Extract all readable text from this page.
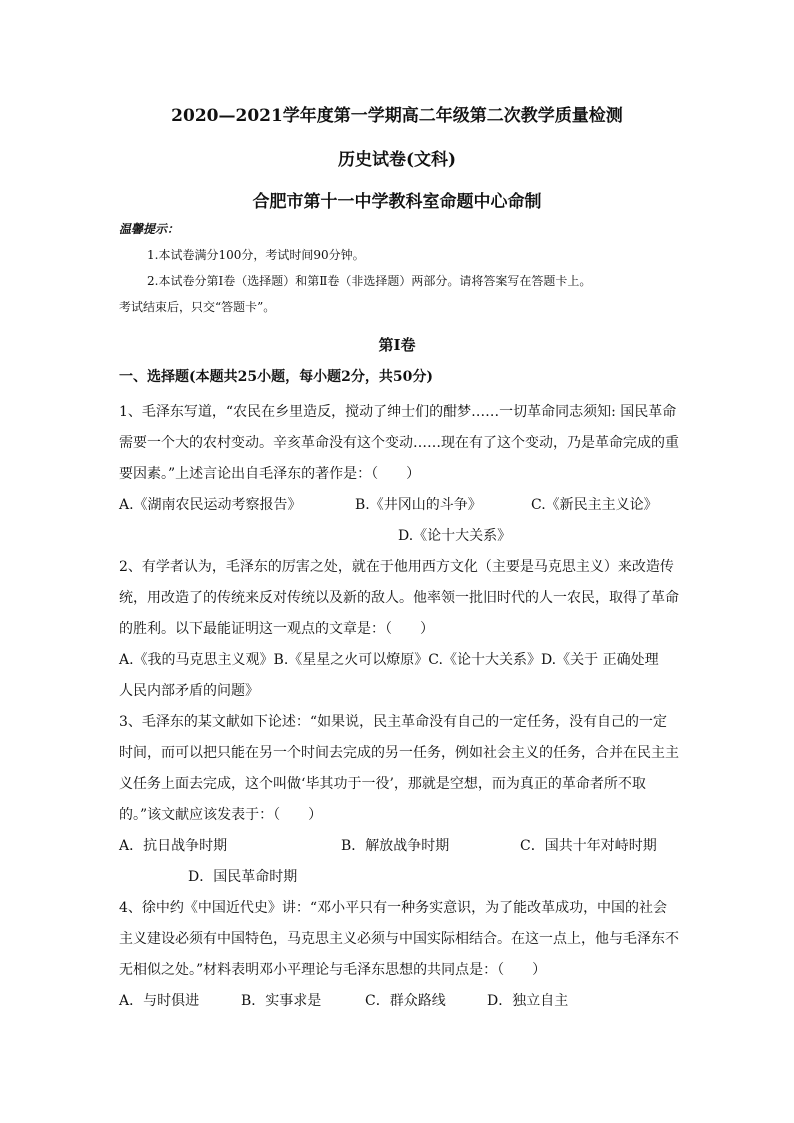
2020—2021学年度第一学期高二年级第二次教学质量检测

历史试卷(文科)

合肥市第十一中学教科室命题中心命制

温馨提示：

1.本试卷满分100分，考试时间90分钟。

2.本试卷分第Ⅰ卷（选择题）和第Ⅱ卷（非选择题）两部分。请将答案写在答题卡上。

考试结束后，只交“答题卡”。

第Ⅰ卷

一、选择题(本题共25小题，每小题2分，共50分)

1、毛泽东写道，“农民在乡里造反，搅动了绅士们的酣梦……一切革命同志须知: 国民革命

需要一个大的农村变动。辛亥革命没有这个变动……现在有了这个变动，乃是革命完成的重

要因素。”上述言论出自毛泽东的著作是：（　　）

A.《湖南农民运动考察报告》	B.《井冈山的斗争》	C.《新民主主义论》

D.《论十大关系》

2、有学者认为，毛泽东的厉害之处，就在于他用西方文化（主要是马克思主义）来改造传

统，用改造了的传统来反对传统以及新的敌人。他率领一批旧时代的人一农民，取得了革命

的胜利。以下最能证明这一观点的文章是：（　　）

A.《我的马克思主义观》B.《星星之火可以燎原》C.《论十大关系》D.《关于 正确处理

人民内部矛盾的问题》

3、毛泽东的某文献如下论述：“如果说，民主革命没有自己的一定任务，没有自己的一定

时间，而可以把只能在另一个时间去完成的另一任务，例如社会主义的任务，合并在民主主

义任务上面去完成，这个叫做‘毕其功于一役’，那就是空想，而为真正的革命者所不取

的。”该文献应该发表于：（　　）

A．抗日战争时期	B．解放战争时期	C．国共十年对峙时期

D．国民革命时期

4、徐中约《中国近代史》讲：“邓小平只有一种务实意识，为了能改革成功，中国的社会

主义建设必须有中国特色，马克思主义必须与中国实际相结合。在这一点上，他与毛泽东不

无相似之处。”材料表明邓小平理论与毛泽东思想的共同点是：（　　）

A．与时俱进	B．实事求是	C．群众路线	D．独立自主
